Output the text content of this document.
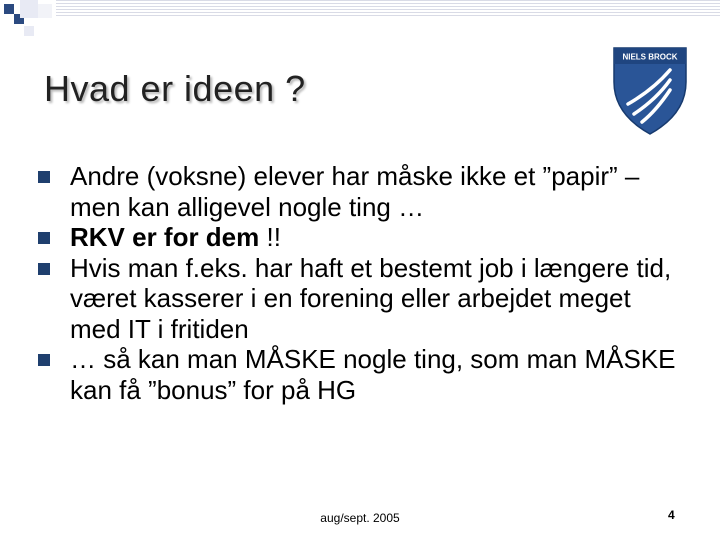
Hvad er ideen ?
NIELS BROCK
Andre (voksne) elever har måske ikke et ”papir” – men kan alligevel nogle ting …
RKV er for dem !!
Hvis man f.eks. har haft et bestemt job i længere tid, været kasserer i en forening eller arbejdet meget med IT i fritiden
… så kan man MÅSKE nogle ting, som man MÅSKE kan få ”bonus” for på HG
aug/sept. 2005	4
